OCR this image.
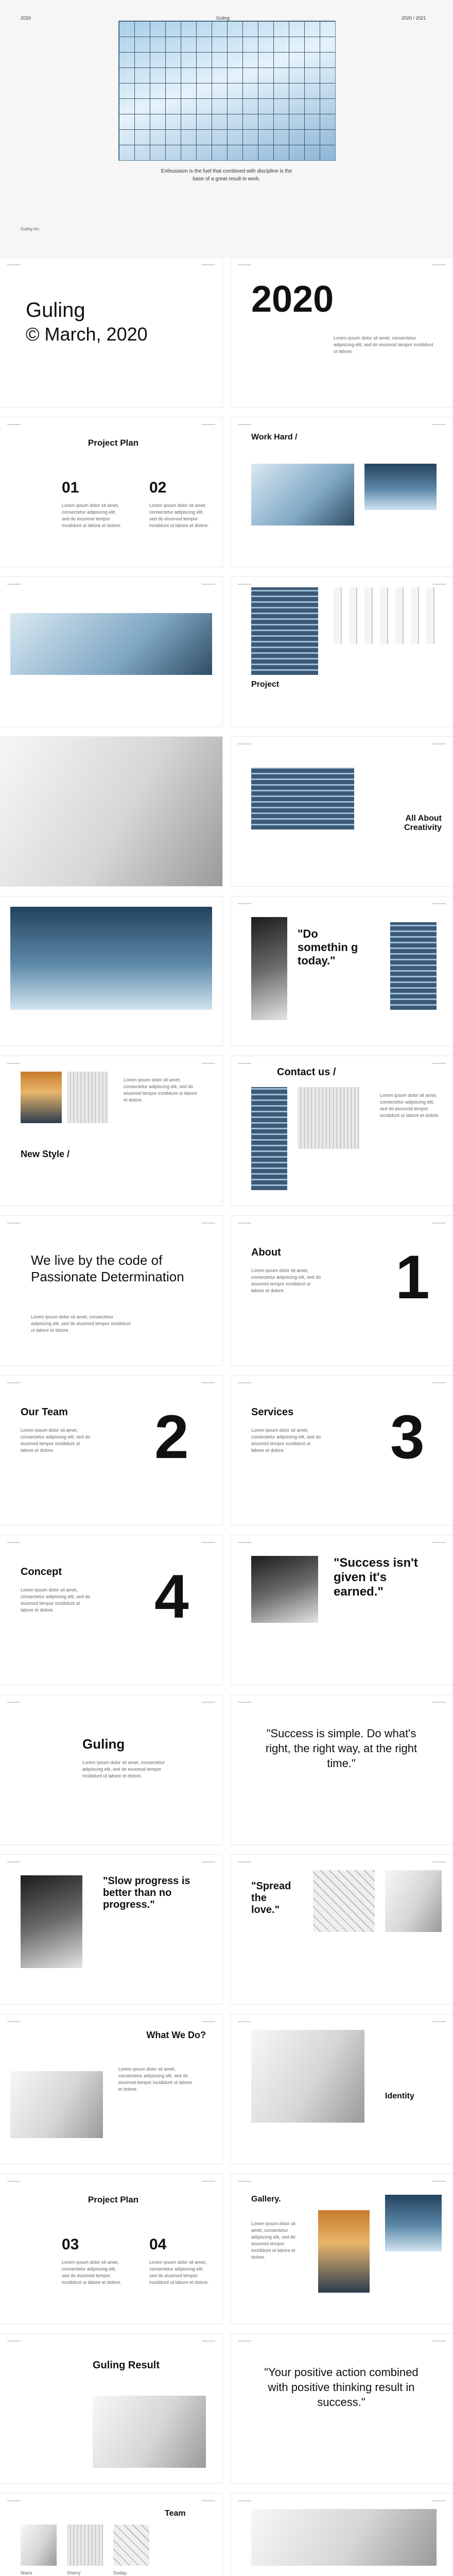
2020	Guling	2020 / 2021
Enthusiasm is the fuel that combined with discipline is the base of a great result in work.
Guling Inc.
Guling
© March, 2020
2020
Lorem ipsum dolor sit amet, consectetur adipiscing elit, sed do eiusmod tempor incididunt ut labore.
Project Plan
01	02
Lorem ipsum dolor sit amet, consectetur adipiscing elit, sed do eiusmod tempor incididunt ut labore et dolore.
Lorem ipsum dolor sit amet, consectetur adipiscing elit, sed do eiusmod tempor incididunt ut labore et dolore.
Work Hard /
Project
All About Creativity
"Do somethin g today."
Lorem ipsum dolor sit amet, consectetur adipiscing elit, sed do eiusmod tempor incididunt ut labore et dolore.
New Style /
Contact us /
Lorem ipsum dolor sit amet, consectetur adipiscing elit, sed do eiusmod tempor incididunt ut labore et dolore.
We live by the code of Passionate Determination
Lorem ipsum dolor sit amet, consectetur adipiscing elit, sed do eiusmod tempor incididunt ut labore et dolore.
About
Lorem ipsum dolor sit amet, consectetur adipiscing elit, sed do eiusmod tempor incididunt ut labore et dolore.	1
Our Team
Lorem ipsum dolor sit amet, consectetur adipiscing elit, sed do eiusmod tempor incididunt ut labore et dolore.	2	Services
Lorem ipsum dolor sit amet, consectetur adipiscing elit, sed do eiusmod tempor incididunt ut labore et dolore.	3
Concept
Lorem ipsum dolor sit amet, consectetur adipiscing elit, sed do eiusmod tempor incididunt ut labore et dolore.	4	"Success isn't given it's earned."
Guling
Lorem ipsum dolor sit amet, consectetur adipiscing elit, sed do eiusmod tempor incididunt ut labore et dolore.
"Success is simple. Do what's right, the right way, at the right time."
"Slow progress is better than no progress."
"Spread the love."
What We Do?
Lorem ipsum dolor sit amet, consectetur adipiscing elit, sed do eiusmod tempor incididunt ut labore et dolore.
Identity
Project Plan
03	04
Lorem ipsum dolor sit amet, consectetur adipiscing elit, sed do eiusmod tempor incididunt ut labore et dolore.
Lorem ipsum dolor sit amet, consectetur adipiscing elit, sed do eiusmod tempor incididunt ut labore et dolore.
Gallery.
Lorem ipsum dolor sit amet, consectetur adipiscing elit, sed do eiusmod tempor incididunt ut labore et dolore.
Guling Result
"Your positive action combined with positive thinking result in success."
Team
Mario	Sherry	Sodap
